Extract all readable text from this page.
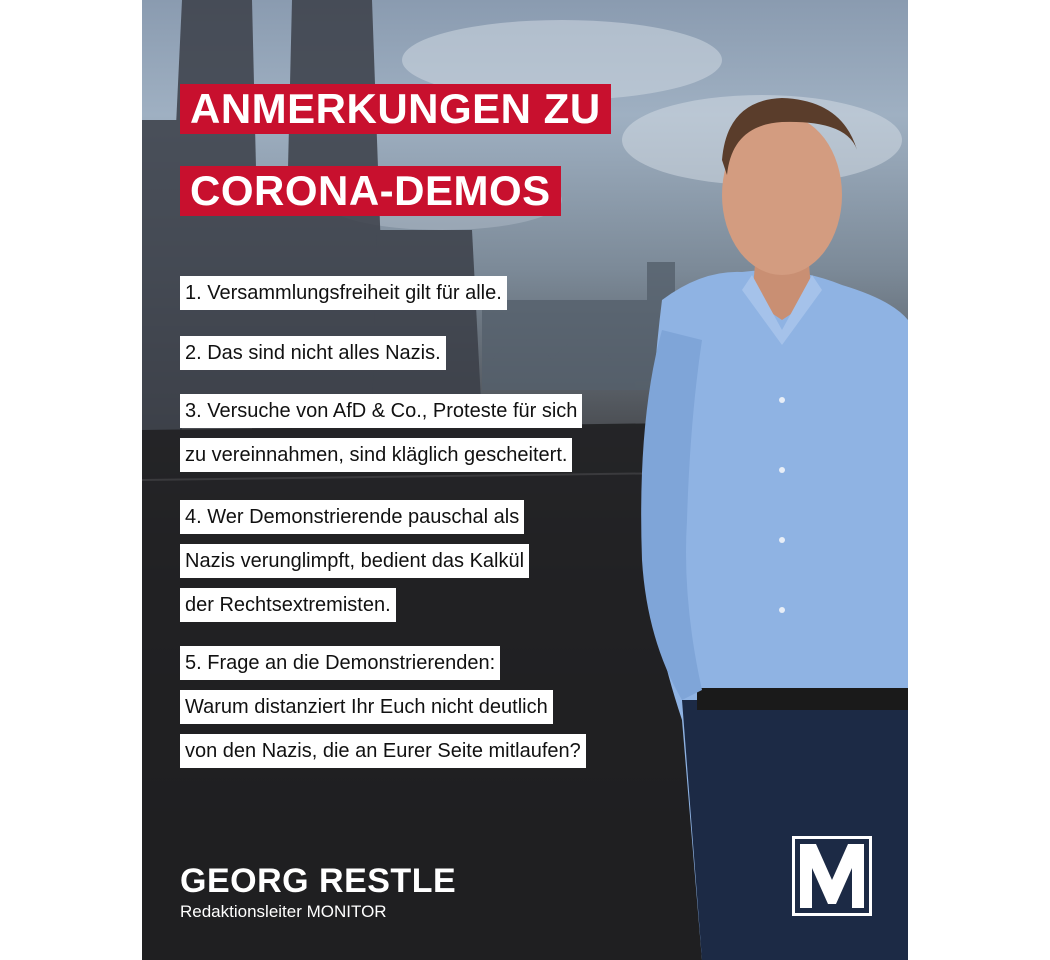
ANMERKUNGEN ZU
CORONA-DEMOS
1. Versammlungsfreiheit gilt für alle.
2. Das sind nicht alles Nazis.
3. Versuche von AfD & Co., Proteste für sich
zu vereinnahmen, sind kläglich gescheitert.
4. Wer Demonstrierende pauschal als
Nazis verunglimpft, bedient das Kalkül
der Rechtsextremisten.
5. Frage an die Demonstrierenden:
Warum distanziert Ihr Euch nicht deutlich
von den Nazis, die an Eurer Seite mitlaufen?
GEORG RESTLE
Redaktionsleiter MONITOR
